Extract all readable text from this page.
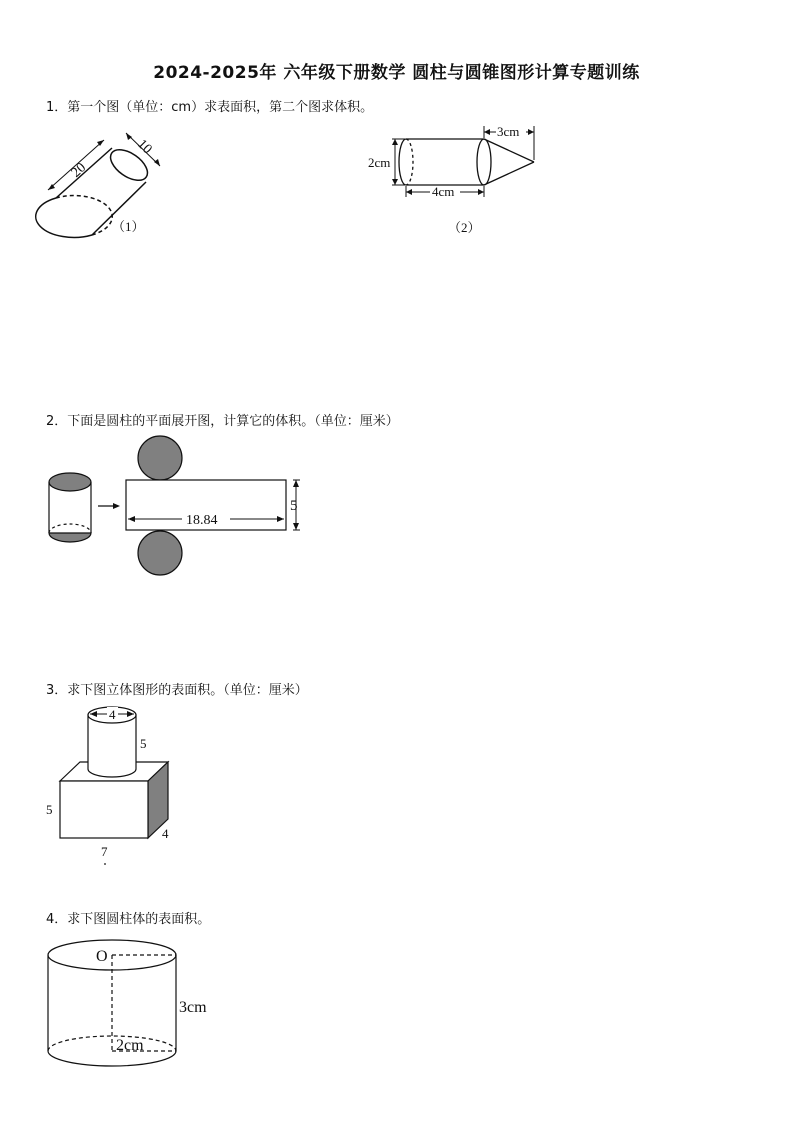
2024-2025年 六年级下册数学 圆柱与圆锥图形计算专题训练
1．第一个图（单位：cm）求表面积，第二个图求体积。
20
10
（1）
3cm
2cm
4cm
（2）
2．下面是圆柱的平面展开图，计算它的体积。（单位：厘米）
18.84
5
3．求下图立体图形的表面积。（单位：厘米）
4
5
5
4
7
4．求下图圆柱体的表面积。
O
3cm
2cm
